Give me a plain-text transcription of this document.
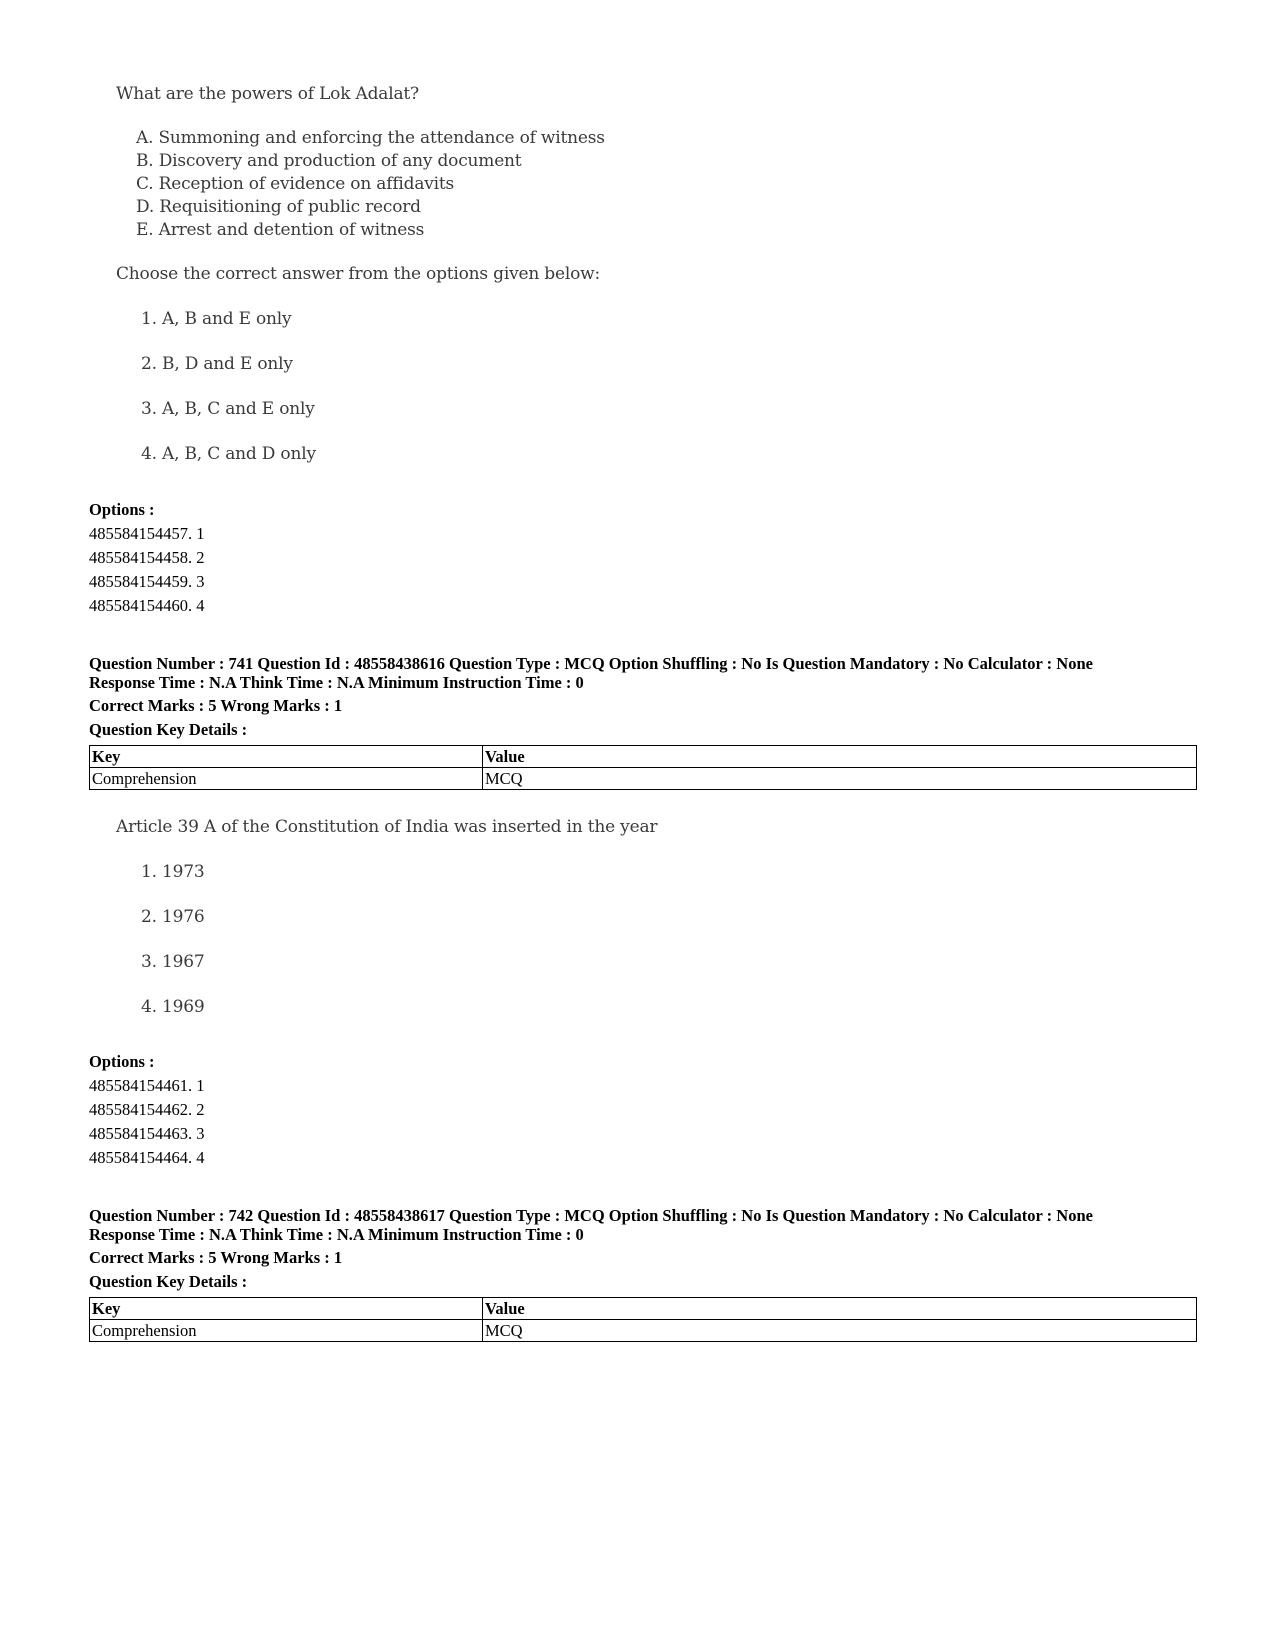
What are the powers of Lok Adalat?
A. Summoning and enforcing the attendance of witness
B. Discovery and production of any document
C. Reception of evidence on affidavits
D. Requisitioning of public record
E. Arrest and detention of witness
Choose the correct answer from the options given below:
1. A, B and E only
2. B, D and E only
3. A, B, C and E only
4. A, B, C and D only
Options :
485584154457. 1
485584154458. 2
485584154459. 3
485584154460. 4
Question Number : 741 Question Id : 48558438616 Question Type : MCQ Option Shuffling : No Is Question Mandatory : No Calculator : None
Response Time : N.A Think Time : N.A Minimum Instruction Time : 0
Correct Marks : 5 Wrong Marks : 1
Question Key Details :
Key	Value
Comprehension	MCQ
Article 39 A of the Constitution of India was inserted in the year
1. 1973
2. 1976
3. 1967
4. 1969
Options :
485584154461. 1
485584154462. 2
485584154463. 3
485584154464. 4
Question Number : 742 Question Id : 48558438617 Question Type : MCQ Option Shuffling : No Is Question Mandatory : No Calculator : None
Response Time : N.A Think Time : N.A Minimum Instruction Time : 0
Correct Marks : 5 Wrong Marks : 1
Question Key Details :
Key	Value
Comprehension	MCQ
